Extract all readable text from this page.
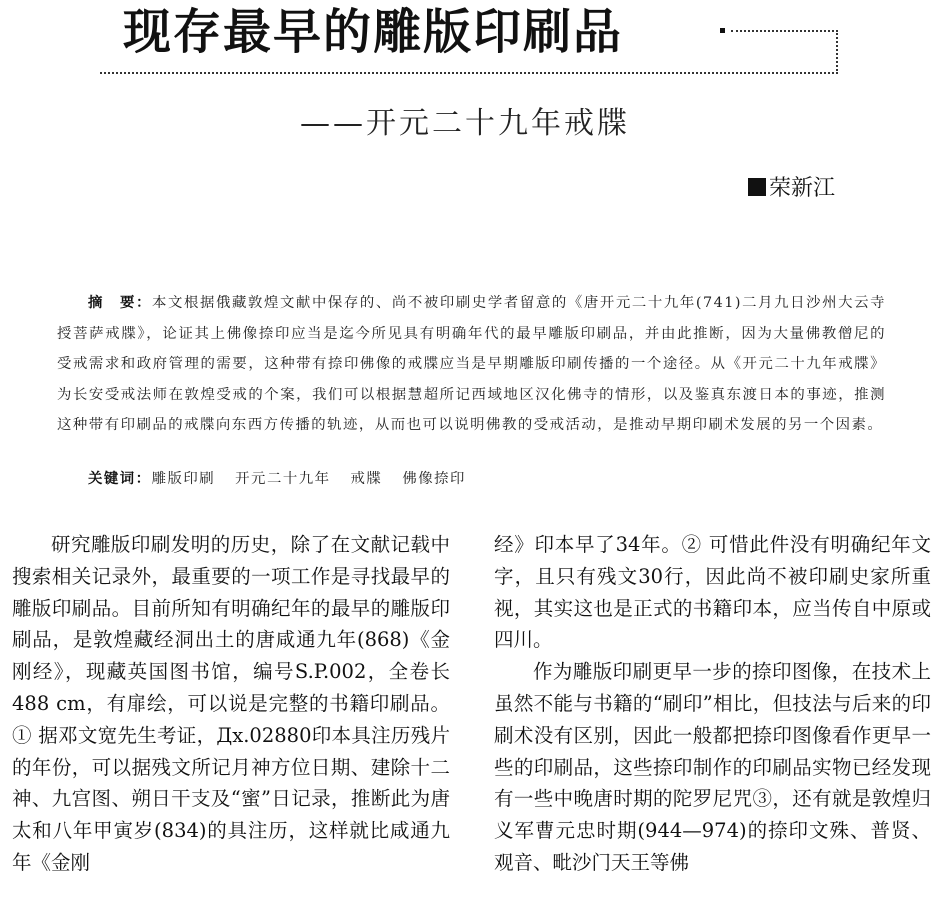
现存最早的雕版印刷品
——开元二十九年戒牒
荣新江
摘　要：本文根据俄藏敦煌文献中保存的、尚不被印刷史学者留意的《唐开元二十九年(741)二月九日沙州大云寺授菩萨戒牒》，论证其上佛像捺印应当是迄今所见具有明确年代的最早雕版印刷品，并由此推断，因为大量佛教僧尼的受戒需求和政府管理的需要，这种带有捺印佛像的戒牒应当是早期雕版印刷传播的一个途径。从《开元二十九年戒牒》为长安受戒法师在敦煌受戒的个案，我们可以根据慧超所记西域地区汉化佛寺的情形，以及鉴真东渡日本的事迹，推测这种带有印刷品的戒牒向东西方传播的轨迹，从而也可以说明佛教的受戒活动，是推动早期印刷术发展的另一个因素。
关键词：雕版印刷 开元二十九年 戒牒 佛像捺印

研究雕版印刷发明的历史，除了在文献记载中搜索相关记录外，最重要的一项工作是寻找最早的雕版印刷品。目前所知有明确纪年的最早的雕版印刷品，是敦煌藏经洞出土的唐咸通九年(868)《金刚经》，现藏英国图书馆，编号S.P.002，全卷长488 cm，有扉绘，可以说是完整的书籍印刷品。① 据邓文宽先生考证，Дх.02880印本具注历残片的年份，可以据残文所记月神方位日期、建除十二神、九宫图、朔日干支及“蜜”日记录，推断此为唐太和八年甲寅岁(834)的具注历，这样就比咸通九年《金刚

经》印本早了34年。② 可惜此件没有明确纪年文字，且只有残文30行，因此尚不被印刷史家所重视，其实这也是正式的书籍印本，应当传自中原或四川。

作为雕版印刷更早一步的捺印图像，在技术上虽然不能与书籍的“刷印”相比，但技法与后来的印刷术没有区别，因此一般都把捺印图像看作更早一些的印刷品，这些捺印制作的印刷品实物已经发现有一些中晚唐时期的陀罗尼咒③，还有就是敦煌归义军曹元忠时期(944—974)的捺印文殊、普贤、观音、毗沙门天王等佛
